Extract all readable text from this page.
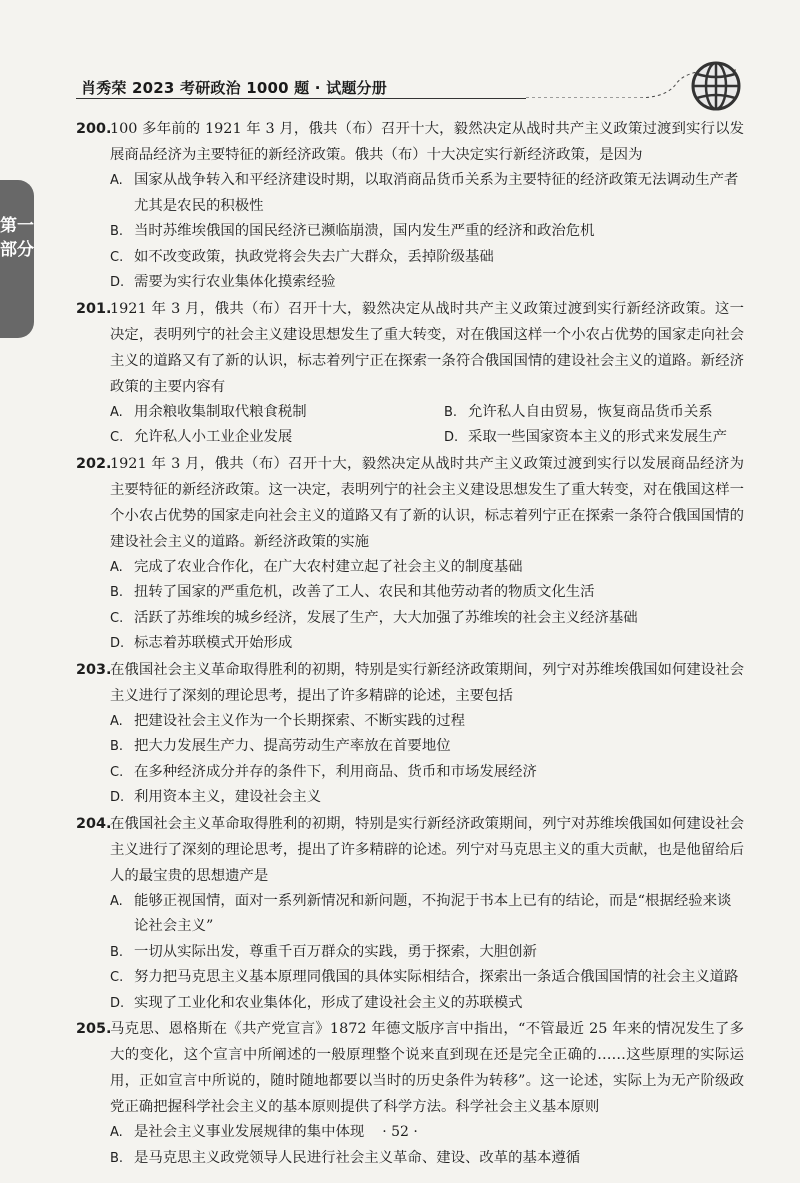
肖秀荣 2023 考研政治 1000 题 · 试题分册
第一
部分
200.
100 多年前的 1921 年 3 月，俄共（布）召开十大，毅然决定从战时共产主义政策过渡到实行以发展商品经济为主要特征的新经济政策。俄共（布）十大决定实行新经济政策，是因为
A. 国家从战争转入和平经济建设时期，以取消商品货币关系为主要特征的经济政策无法调动生产者尤其是农民的积极性
B. 当时苏维埃俄国的国民经济已濒临崩溃，国内发生严重的经济和政治危机
C. 如不改变政策，执政党将会失去广大群众，丢掉阶级基础
D. 需要为实行农业集体化摸索经验
201.
1921 年 3 月，俄共（布）召开十大，毅然决定从战时共产主义政策过渡到实行新经济政策。这一决定，表明列宁的社会主义建设思想发生了重大转变，对在俄国这样一个小农占优势的国家走向社会主义的道路又有了新的认识，标志着列宁正在探索一条符合俄国国情的建设社会主义的道路。新经济政策的主要内容有
A. 用余粮收集制取代粮食税制	B. 允许私人自由贸易，恢复商品货币关系
C. 允许私人小工业企业发展	D. 采取一些国家资本主义的形式来发展生产
202.
1921 年 3 月，俄共（布）召开十大，毅然决定从战时共产主义政策过渡到实行以发展商品经济为主要特征的新经济政策。这一决定，表明列宁的社会主义建设思想发生了重大转变，对在俄国这样一个小农占优势的国家走向社会主义的道路又有了新的认识，标志着列宁正在探索一条符合俄国国情的建设社会主义的道路。新经济政策的实施
A. 完成了农业合作化，在广大农村建立起了社会主义的制度基础
B. 扭转了国家的严重危机，改善了工人、农民和其他劳动者的物质文化生活
C. 活跃了苏维埃的城乡经济，发展了生产，大大加强了苏维埃的社会主义经济基础
D. 标志着苏联模式开始形成
203.
在俄国社会主义革命取得胜利的初期，特别是实行新经济政策期间，列宁对苏维埃俄国如何建设社会主义进行了深刻的理论思考，提出了许多精辟的论述，主要包括
A. 把建设社会主义作为一个长期探索、不断实践的过程
B. 把大力发展生产力、提高劳动生产率放在首要地位
C. 在多种经济成分并存的条件下，利用商品、货币和市场发展经济
D. 利用资本主义，建设社会主义
204.
在俄国社会主义革命取得胜利的初期，特别是实行新经济政策期间，列宁对苏维埃俄国如何建设社会主义进行了深刻的理论思考，提出了许多精辟的论述。列宁对马克思主义的重大贡献，也是他留给后人的最宝贵的思想遗产是
A. 能够正视国情，面对一系列新情况和新问题，不拘泥于书本上已有的结论，而是“根据经验来谈论社会主义”
B. 一切从实际出发，尊重千百万群众的实践，勇于探索，大胆创新
C. 努力把马克思主义基本原理同俄国的具体实际相结合，探索出一条适合俄国国情的社会主义道路
D. 实现了工业化和农业集体化，形成了建设社会主义的苏联模式
205.
马克思、恩格斯在《共产党宣言》1872 年德文版序言中指出，“不管最近 25 年来的情况发生了多大的变化，这个宣言中所阐述的一般原理整个说来直到现在还是完全正确的……这些原理的实际运用，正如宣言中所说的，随时随地都要以当时的历史条件为转移”。这一论述，实际上为无产阶级政党正确把握科学社会主义的基本原则提供了科学方法。科学社会主义基本原则
A. 是社会主义事业发展规律的集中体现
B. 是马克思主义政党领导人民进行社会主义革命、建设、改革的基本遵循
· 52 ·
